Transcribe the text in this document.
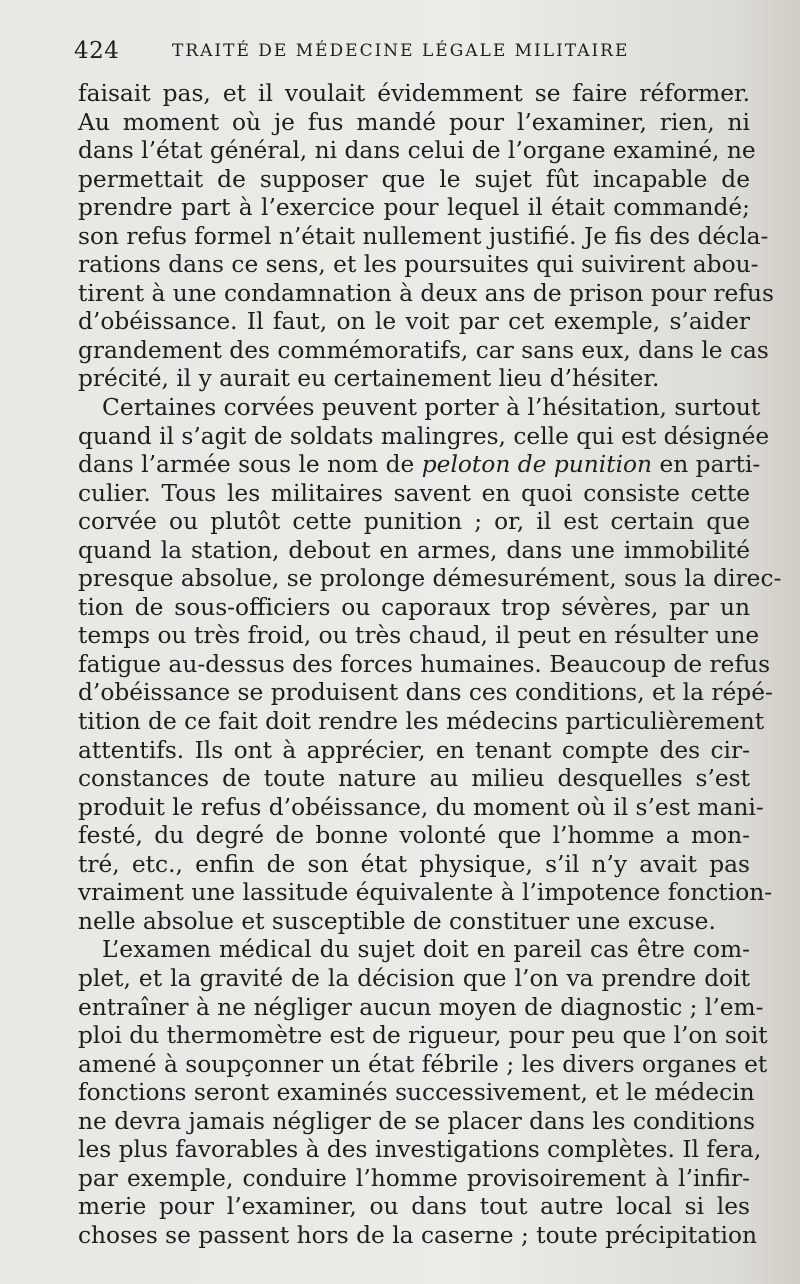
424	TRAITÉ DE MÉDECINE LÉGALE MILITAIRE
faisait pas, et il voulait évidemment se faire réformer.
Au moment où je fus mandé pour l’examiner, rien, ni
dans l’état général, ni dans celui de l’organe examiné, ne
permettait de supposer que le sujet fût incapable de
prendre part à l’exercice pour lequel il était commandé;
son refus formel n’était nullement justifié. Je fis des décla-
rations dans ce sens, et les poursuites qui suivirent abou-
tirent à une condamnation à deux ans de prison pour refus
d’obéissance. Il faut, on le voit par cet exemple, s’aider
grandement des commémoratifs, car sans eux, dans le cas
précité, il y aurait eu certainement lieu d’hésiter.
Certaines corvées peuvent porter à l’hésitation, surtout
quand il s’agit de soldats malingres, celle qui est désignée
dans l’armée sous le nom de peloton de punition en parti-
culier. Tous les militaires savent en quoi consiste cette
corvée ou plutôt cette punition ; or, il est certain que
quand la station, debout en armes, dans une immobilité
presque absolue, se prolonge démesurément, sous la direc-
tion de sous-officiers ou caporaux trop sévères, par un
temps ou très froid, ou très chaud, il peut en résulter une
fatigue au-dessus des forces humaines. Beaucoup de refus
d’obéissance se produisent dans ces conditions, et la répé-
tition de ce fait doit rendre les médecins particulièrement
attentifs. Ils ont à apprécier, en tenant compte des cir-
constances de toute nature au milieu desquelles s’est
produit le refus d’obéissance, du moment où il s’est mani-
festé, du degré de bonne volonté que l’homme a mon-
tré, etc., enfin de son état physique, s’il n’y avait pas
vraiment une lassitude équivalente à l’impotence fonction-
nelle absolue et susceptible de constituer une excuse.
L’examen médical du sujet doit en pareil cas être com-
plet, et la gravité de la décision que l’on va prendre doit
entraîner à ne négliger aucun moyen de diagnostic ; l’em-
ploi du thermomètre est de rigueur, pour peu que l’on soit
amené à soupçonner un état fébrile ; les divers organes et
fonctions seront examinés successivement, et le médecin
ne devra jamais négliger de se placer dans les conditions
les plus favorables à des investigations complètes. Il fera,
par exemple, conduire l’homme provisoirement à l’infir-
merie pour l’examiner, ou dans tout autre local si les
choses se passent hors de la caserne ; toute précipitation
